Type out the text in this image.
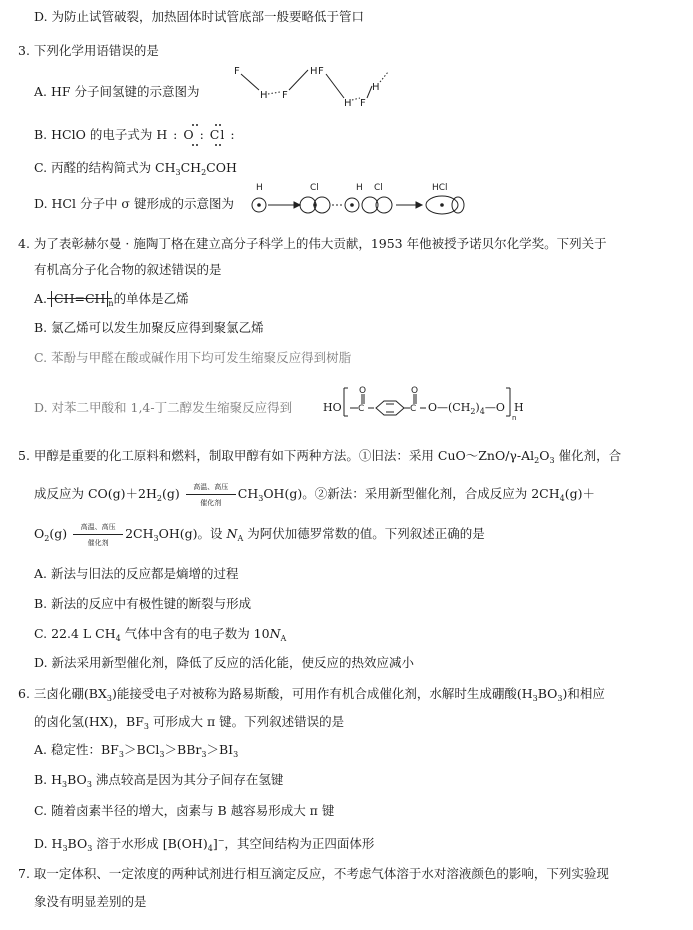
D. 为防止试管破裂，加热固体时试管底部一般要略低于管口
3. 下列化学用语错误的是
A. HF 分子间氢键的示意图为
F
H F
H F
H F
H
B. HClO 的电子式为 H : O : Cl :
C. 丙醛的结构简式为 $CH_3CH_2COH$
D. HCl 分子中 σ 键形成的示意图为
H	Cl	H Cl	HCl
4. 为了表彰赫尔曼 · 施陶丁格在建立高分子科学上的伟大贡献，1953 年他被授予诺贝尔化学奖。下列关于
有机高分子化合物的叙述错误的是
A. CH=CH $_n$的单体是乙烯
B. 氯乙烯可以发生加聚反应得到聚氯乙烯
C. 苯酚与甲醛在酸或碱作用下均可发生缩聚反应得到树脂
D. 对苯二甲酸和 1,4-丁二醇发生缩聚反应得到	HO
O	O
C	C
n
$O—(CH_2)_4—O$ H
5. 甲醇是重要的化工原料和燃料，制取甲醇有如下两种方法。①旧法：采用 $CuO\sim ZnO/\gamma-Al_2O_3$ 催化剂，合
成反应为 $CO(g)+2H_2(g)$	高温、高压
催化剂
$CH_3OH(g)$。②新法：采用新型催化剂，合成反应为 $2CH_4(g)+$
$O_2(g)$	高温、高压
催化剂
$2CH_3OH(g)$。设 $N_A$ 为阿伏加德罗常数的值。下列叙述正确的是
A. 新法与旧法的反应都是熵增的过程
B. 新法的反应中有极性键的断裂与形成
C. 22.4 L $CH_4$ 气体中含有的电子数为 $10N_A$
D. 新法采用新型催化剂，降低了反应的活化能，使反应的热效应减小
6. 三卤化硼$(BX_3)$能接受电子对被称为路易斯酸，可用作有机合成催化剂，水解时生成硼酸$(H_3BO_3)$和相应
的卤化氢(HX)，$BF_3$ 可形成大 π 键。下列叙述错误的是
A. 稳定性：$BF_3>BCl_3>BBr_3>BI_3$
B. $H_3BO_3$ 沸点较高是因为其分子间存在氢键
C. 随着卤素半径的增大，卤素与 B 越容易形成大 π 键
D. $H_3BO_3$ 溶于水形成 $[B(OH)_4]^-$，其空间结构为正四面体形
7. 取一定体积、一定浓度的两种试剂进行相互滴定反应，不考虑气体溶于水对溶液颜色的影响，下列实验现
象没有明显差别的是
